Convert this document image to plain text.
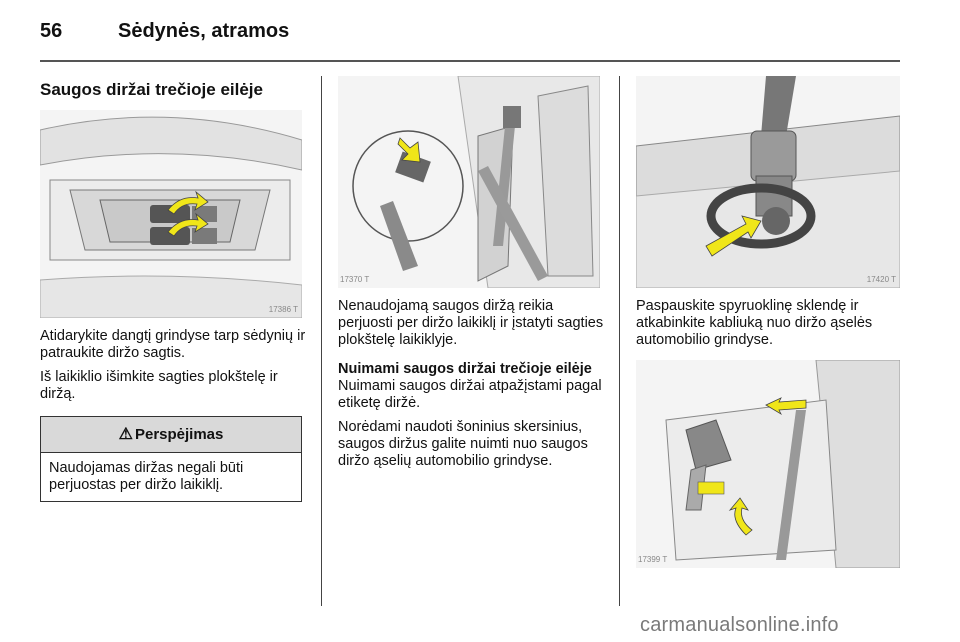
56	Sėdynės, atramos
Saugos diržai trečioje eilėje
17386 T

Atidarykite dangtį grindyse tarp sėdynių ir patraukite diržo sagtis.

Iš laikiklio išimkite sagties plokštelę ir diržą.

⚠ Perspėjimas
Naudojamas diržas negali būti perjuostas per diržo laikiklį.
17370 T

Nenaudojamą saugos diržą reikia perjuosti per diržo laikiklį ir įstatyti sagties plokštelę laikiklyje.

Nuimami saugos diržai trečioje eilėje

Nuimami saugos diržai atpažįstami pagal etiketę diržė.

Norėdami naudoti šoninius skersinius, saugos diržus galite nuimti nuo saugos diržo ąselių automobilio grindyse.

17420 T

Paspauskite spyruoklinę sklendę ir atkabinkite kabliuką nuo diržo ąselės automobilio grindyse.

17399 T
carmanualsonline.info
